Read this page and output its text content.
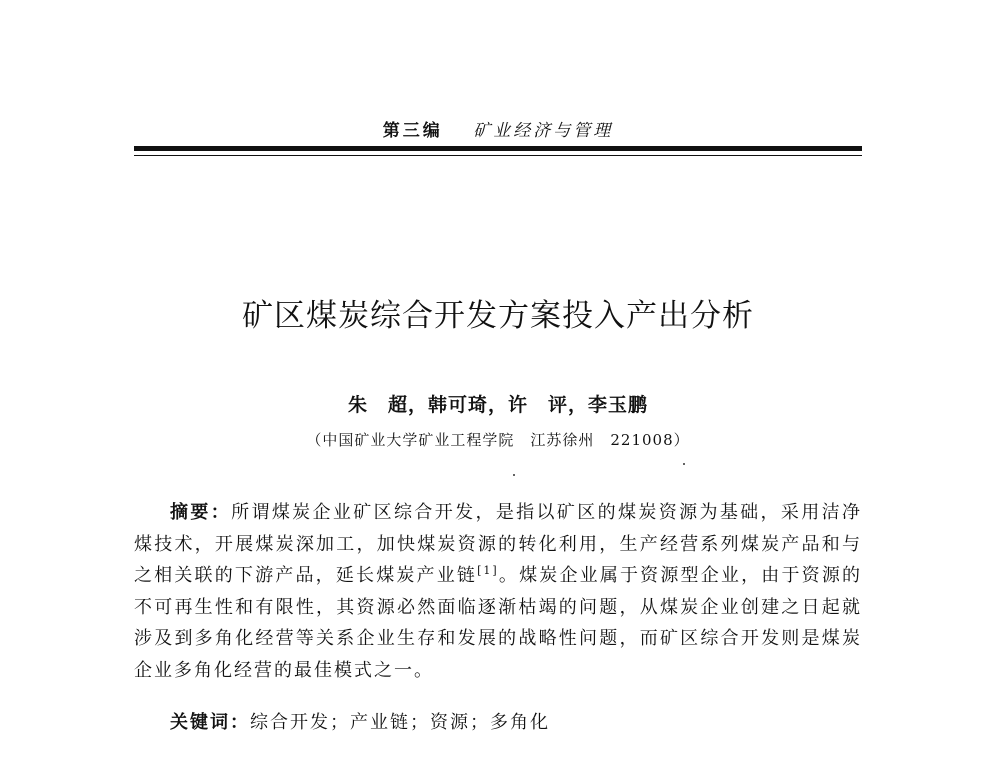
第三编 矿业经济与管理
矿区煤炭综合开发方案投入产出分析
朱　超，韩可琦，许　评，李玉鹏
（中国矿业大学矿业工程学院　江苏徐州　221008）

摘要：所谓煤炭企业矿区综合开发，是指以矿区的煤炭资源为基础，采用洁净煤技术，开展煤炭深加工，加快煤炭资源的转化利用，生产经营系列煤炭产品和与之相关联的下游产品，延长煤炭产业链[1]。煤炭企业属于资源型企业，由于资源的不可再生性和有限性，其资源必然面临逐渐枯竭的问题，从煤炭企业创建之日起就涉及到多角化经营等关系企业生存和发展的战略性问题，而矿区综合开发则是煤炭企业多角化经营的最佳模式之一。

关键词：综合开发；产业链；资源；多角化
